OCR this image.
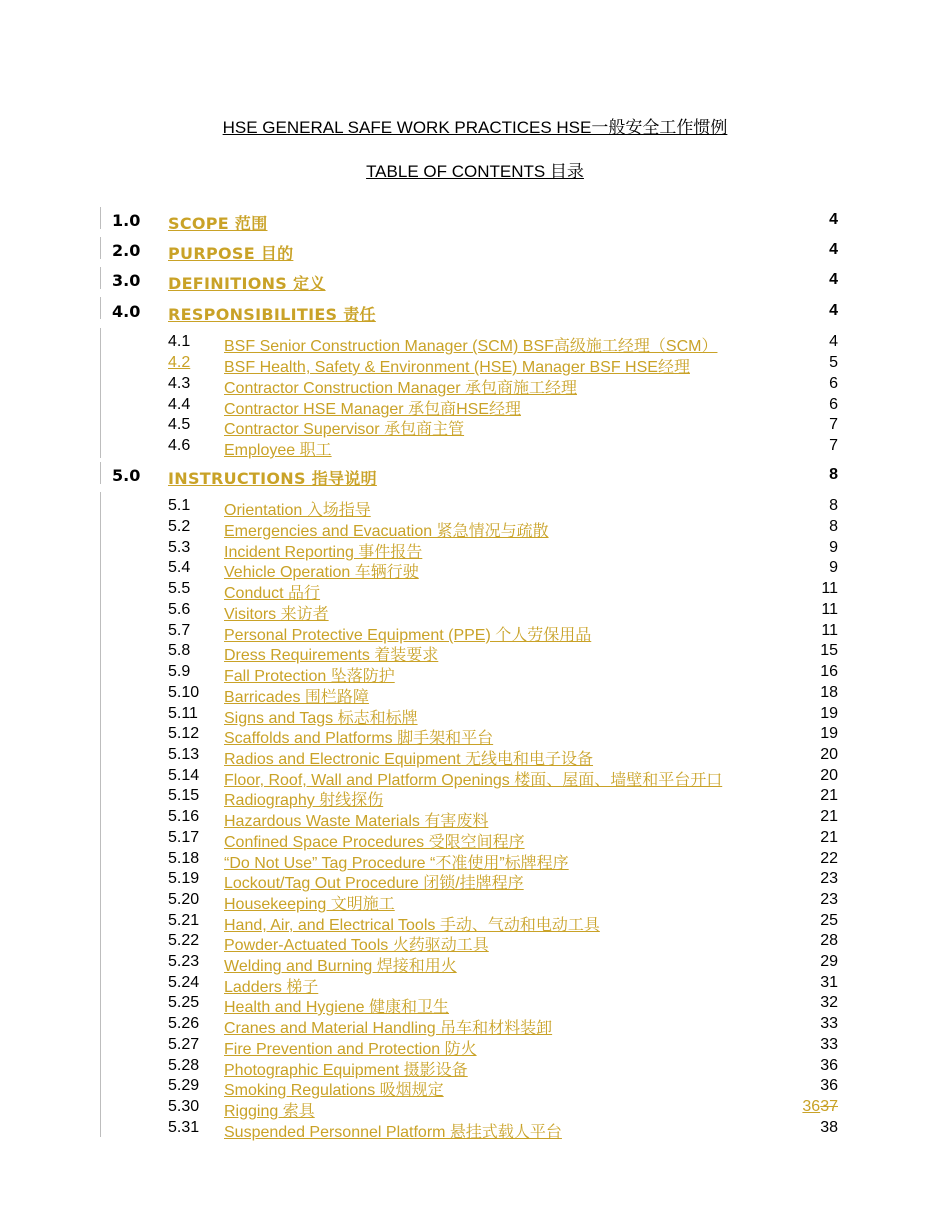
HSE GENERAL SAFE WORK PRACTICES HSE一般安全工作惯例
TABLE OF CONTENTS 目录
1.0 SCOPE 范围	4
2.0 PURPOSE 目的	4
3.0 DEFINITIONS 定义	4
4.0 RESPONSIBILITIES 责任	4
4.1 BSF Senior Construction Manager (SCM) BSF高级施工经理（SCM）	4
4.2 BSF Health, Safety & Environment (HSE) Manager BSF HSE经理	5
4.3 Contractor Construction Manager 承包商施工经理	6
4.4 Contractor HSE Manager 承包商HSE经理	6
4.5 Contractor Supervisor 承包商主管	7
4.6 Employee 职工	7
5.0 INSTRUCTIONS 指导说明	8
5.1 Orientation 入场指导	8
5.2 Emergencies and Evacuation 紧急情况与疏散	8
5.3 Incident Reporting 事件报告	9
5.4 Vehicle Operation 车辆行驶	9
5.5 Conduct 品行	11
5.6 Visitors 来访者	11
5.7 Personal Protective Equipment (PPE) 个人劳保用品	11
5.8 Dress Requirements 着装要求	15
5.9 Fall Protection 坠落防护	16
5.10 Barricades 围栏路障	18
5.11 Signs and Tags 标志和标牌	19
5.12 Scaffolds and Platforms 脚手架和平台	19
5.13 Radios and Electronic Equipment 无线电和电子设备	20
5.14 Floor, Roof, Wall and Platform Openings 楼面、屋面、墙壁和平台开口	20
5.15 Radiography 射线探伤	21
5.16 Hazardous Waste Materials 有害废料	21
5.17 Confined Space Procedures 受限空间程序	21
5.18 “Do Not Use” Tag Procedure “不准使用”标牌程序	22
5.19 Lockout/Tag Out Procedure 闭锁/挂牌程序	23
5.20 Housekeeping 文明施工	23
5.21 Hand, Air, and Electrical Tools 手动、气动和电动工具	25
5.22 Powder-Actuated Tools 火药驱动工具	28
5.23 Welding and Burning 焊接和用火	29
5.24 Ladders 梯子	31
5.25 Health and Hygiene 健康和卫生	32
5.26 Cranes and Material Handling 吊车和材料装卸	33
5.27 Fire Prevention and Protection 防火	33
5.28 Photographic Equipment 摄影设备	36
5.29 Smoking Regulations 吸烟规定	36
5.30 Rigging 索具	3637
5.31 Suspended Personnel Platform 悬挂式载人平台	38
